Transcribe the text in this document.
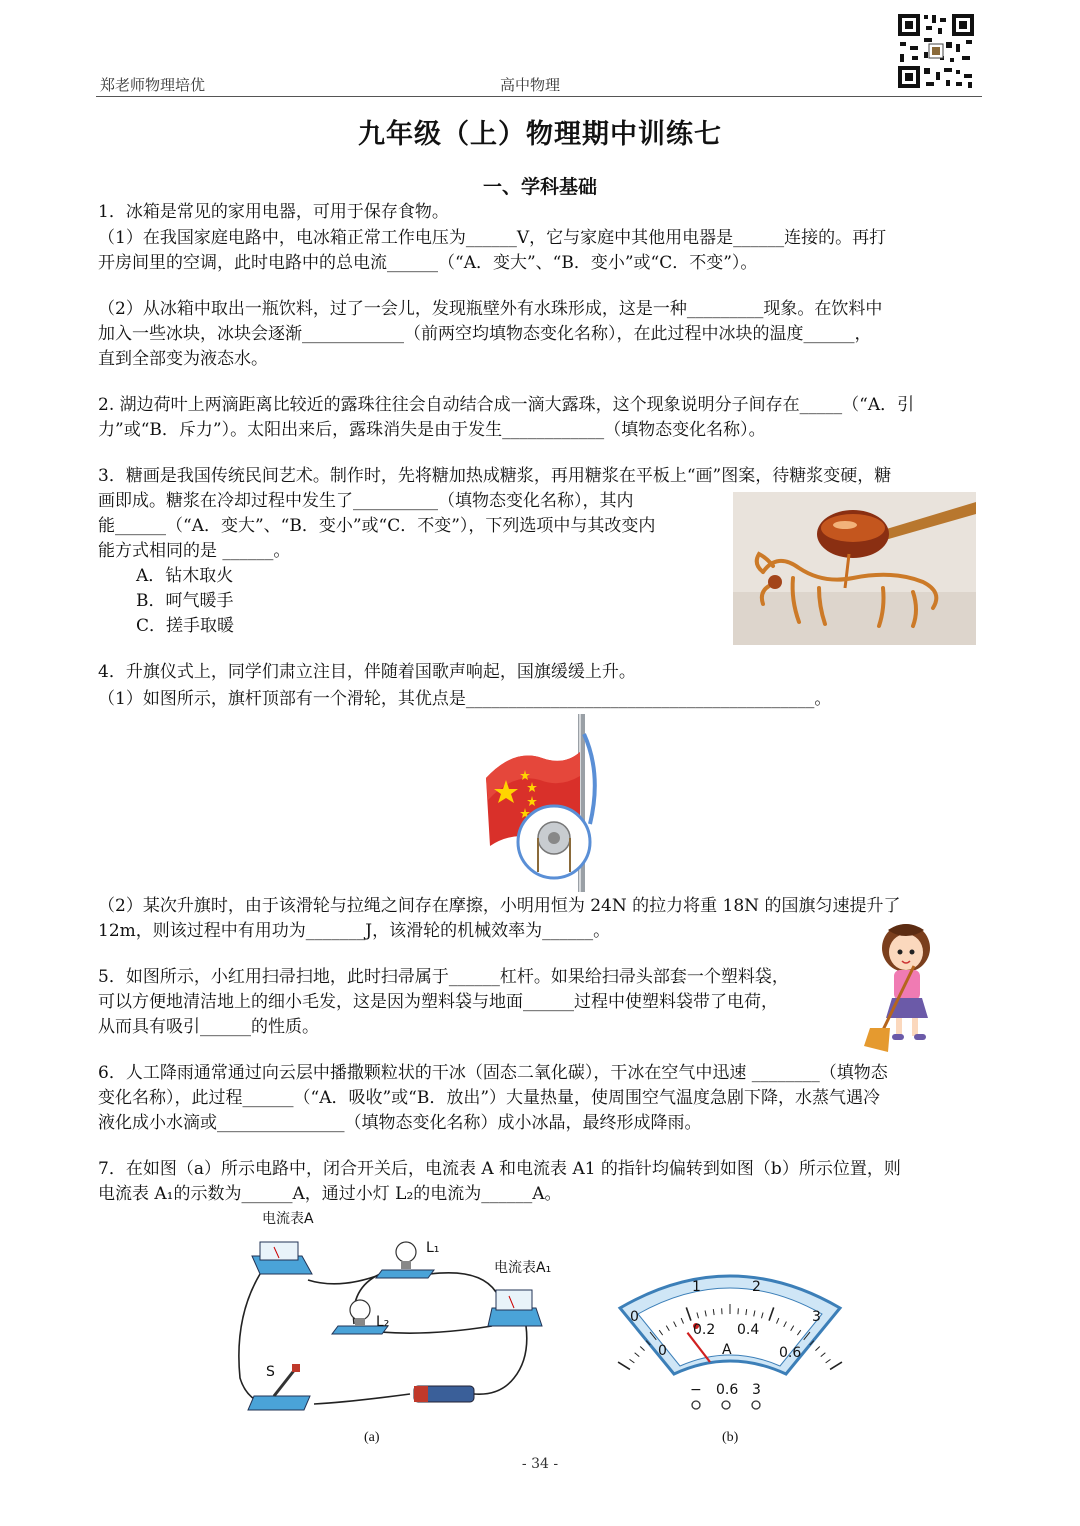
郑老师物理培优	高中物理
九年级（上）物理期中训练七
一、学科基础
1．冰箱是常见的家用电器，可用于保存食物。
（1）在我国家庭电路中，电冰箱正常工作电压为______V，它与家庭中其他用电器是______连接的。再打
开房间里的空调，此时电路中的总电流______（“A．变大”、“B．变小”或“C．不变”）。
（2）从冰箱中取出一瓶饮料，过了一会儿，发现瓶壁外有水珠形成，这是一种_________现象。在饮料中
加入一些冰块，冰块会逐渐____________（前两空均填物态变化名称），在此过程中冰块的温度______，
直到全部变为液态水。
2. 湖边荷叶上两滴距离比较近的露珠往往会自动结合成一滴大露珠，这个现象说明分子间存在_____（“A．引
力”或“B．斥力”）。太阳出来后，露珠消失是由于发生____________（填物态变化名称）。
3．糖画是我国传统民间艺术。制作时，先将糖加热成糖浆，再用糖浆在平板上“画”图案，待糖浆变硬，糖
画即成。糖浆在冷却过程中发生了__________（填物态变化名称），其内
能______（“A．变大”、“B．变小”或“C．不变”），下列选项中与其改变内
能方式相同的是 ______。
A．钻木取火
B．呵气暖手
C．搓手取暖
4．升旗仪式上，同学们肃立注目，伴随着国歌声响起，国旗缓缓上升。
（1）如图所示，旗杆顶部有一个滑轮，其优点是_________________________________________。
（2）某次升旗时，由于该滑轮与拉绳之间存在摩擦，小明用恒为 24N 的拉力将重 18N 的国旗匀速提升了
12m，则该过程中有用功为_______J，该滑轮的机械效率为______。
5．如图所示，小红用扫帚扫地，此时扫帚属于______杠杆。如果给扫帚头部套一个塑料袋，
可以方便地清洁地上的细小毛发，这是因为塑料袋与地面______过程中使塑料袋带了电荷，
从而具有吸引______的性质。
6．人工降雨通常通过向云层中播撒颗粒状的干冰（固态二氧化碳），干冰在空气中迅速 ________（填物态
变化名称），此过程______（“A．吸收”或“B．放出”）大量热量，使周围空气温度急剧下降，水蒸气遇冷
液化成小水滴或_______________（填物态变化名称）成小冰晶，最终形成降雨。
7．在如图（a）所示电路中，闭合开关后，电流表 A 和电流表 A1 的指针均偏转到如图（b）所示位置，则
电流表 A₁的示数为______A，通过小灯 L₂的电流为______A。
电流表A
L₁
L₂
电流表A₁
S
(a)
0
1	2
3
0
0.2 0.4
0.6
A
− 0.6 3
(b)
- 34 -
